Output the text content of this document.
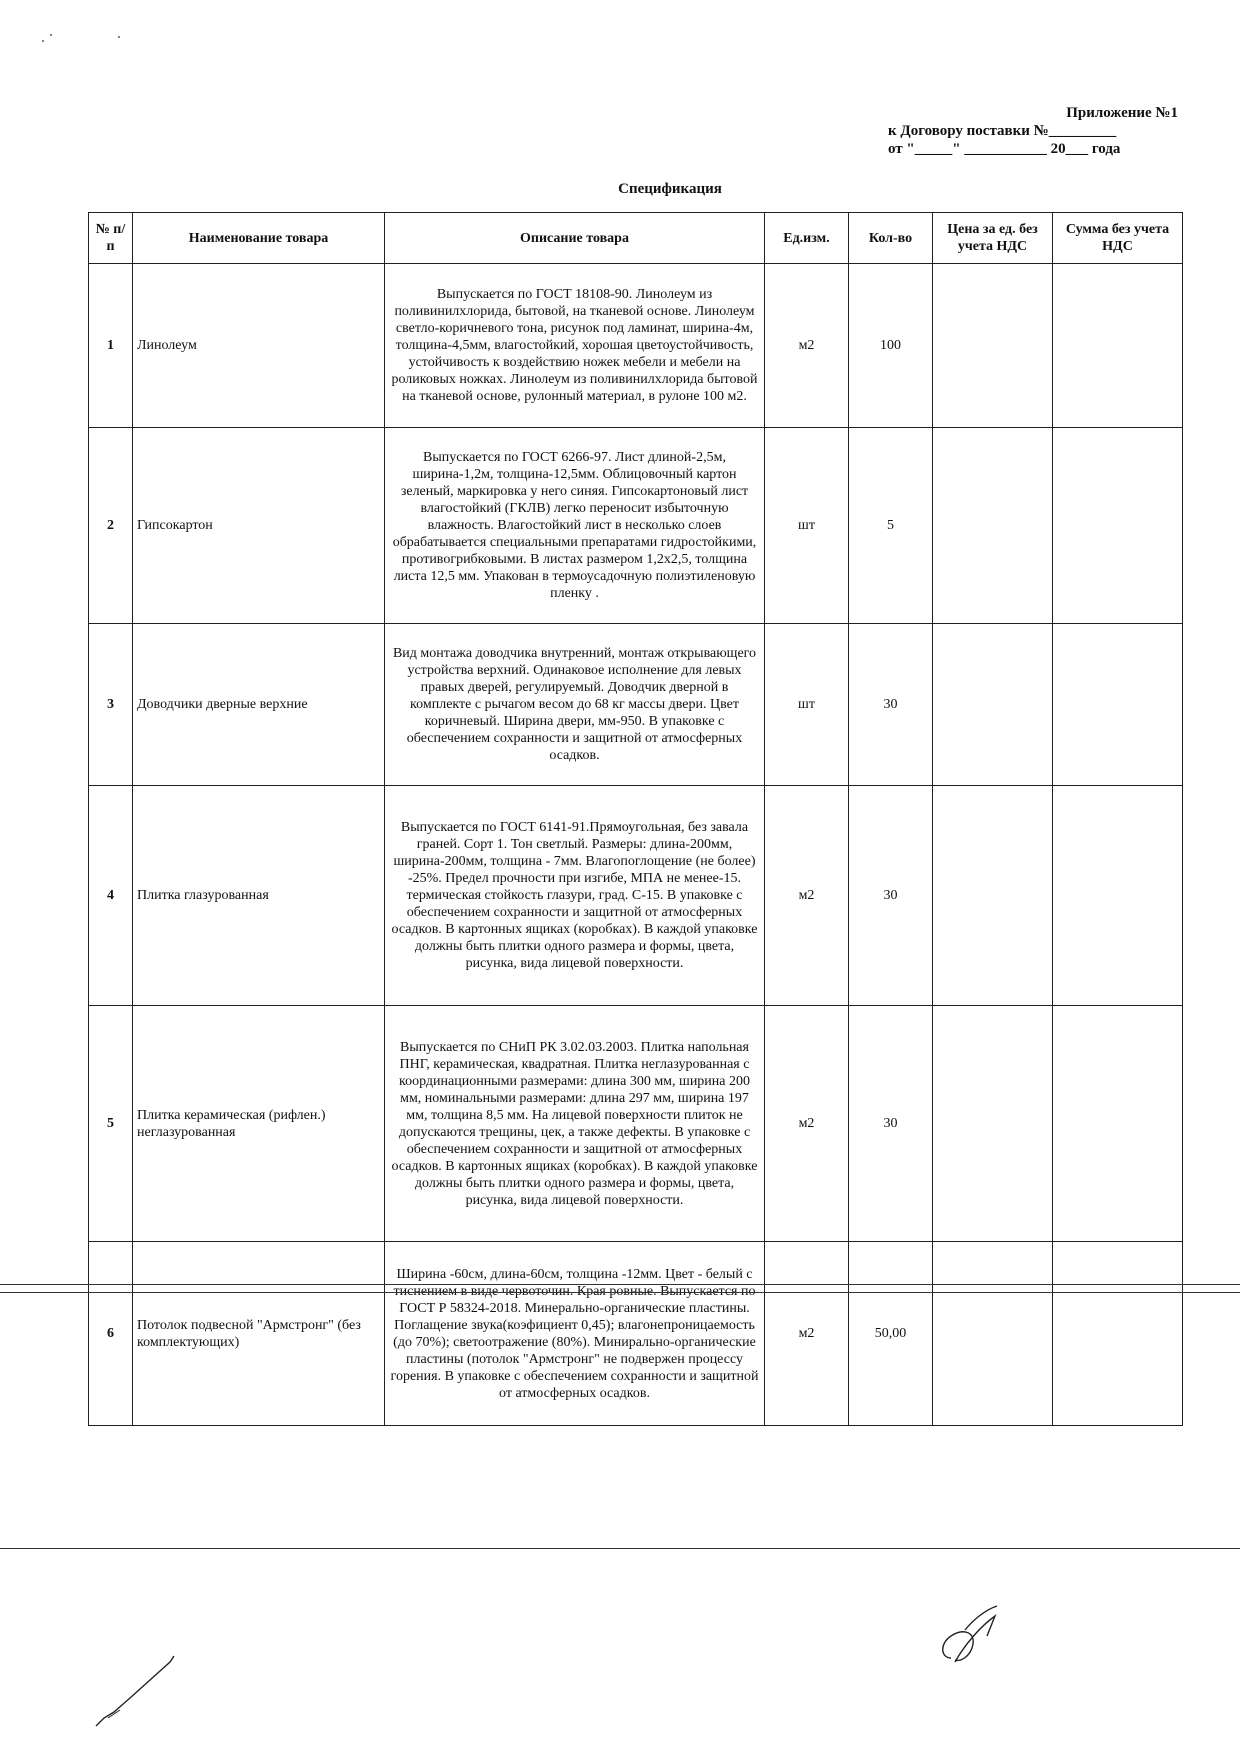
Приложение №1
к Договору поставки №_________
от "_____" ___________ 20___ года
Спецификация
№ п/п	Наименование товара	Описание товара	Ед.изм.	Кол-во	Цена за ед. без учета НДС	Сумма без учета НДС
1	Линолеум	Выпускается по ГОСТ 18108-90. Линолеум из поливинилхлорида, бытовой, на тканевой основе. Линолеум светло-коричневого тона, рисунок под ламинат, ширина-4м, толщина-4,5мм, влагостойкий, хорошая цветоустойчивость, устойчивость к воздействию ножек мебели и мебели на роликовых ножках. Линолеум из поливинилхлорида бытовой на тканевой основе, рулонный материал, в рулоне 100 м2.	м2	100		
2	Гипсокартон	Выпускается по ГОСТ 6266-97. Лист длиной-2,5м, ширина-1,2м, толщина-12,5мм. Облицовочный картон зеленый, маркировка у него синяя. Гипсокартоновый лист влагостойкий (ГКЛВ) легко переносит избыточную влажность. Влагостойкий лист в несколько слоев обрабатывается специальными препаратами гидростойкими, противогрибковыми. В листах размером 1,2х2,5, толщина листа 12,5 мм. Упакован в термоусадочную полиэтиленовую пленку .	шт	5		
3	Доводчики дверные верхние	Вид монтажа доводчика внутренний, монтаж открывающего устройства верхний. Одинаковое исполнение для левых правых дверей, регулируемый. Доводчик дверной в комплекте с рычагом весом до 68 кг массы двери. Цвет коричневый. Ширина двери, мм-950. В упаковке с обеспечением сохранности и защитной от атмосферных осадков.	шт	30		
4	Плитка глазурованная	Выпускается по ГОСТ 6141-91.Прямоугольная, без завала граней. Сорт 1. Тон светлый. Размеры: длина-200мм, ширина-200мм, толщина - 7мм. Влагопоглощение (не более) -25%. Предел прочности при изгибе, МПА не менее-15. термическая стойкость глазури, град. С-15. В упаковке с обеспечением сохранности и защитной от атмосферных осадков. В картонных ящиках (коробках). В каждой упаковке должны быть плитки одного размера и формы, цвета, рисунка, вида лицевой поверхности.	м2	30		
5	Плитка керамическая (рифлен.) неглазурованная	Выпускается по СНиП РК 3.02.03.2003. Плитка напольная ПНГ, керамическая, квадратная. Плитка неглазурованная с координационными размерами: длина 300 мм, ширина 200 мм, номинальными размерами: длина 297 мм, ширина 197 мм, толщина 8,5 мм. На лицевой поверхности плиток не допускаются трещины, цек, а также дефекты. В упаковке с обеспечением сохранности и защитной от атмосферных осадков. В картонных ящиках (коробках). В каждой упаковке должны быть плитки одного размера и формы, цвета, рисунка, вида лицевой поверхности.	м2	30		
6	Потолок подвесной "Армстронг" (без комплектующих)	Ширина -60см, длина-60см, толщина -12мм. Цвет - белый с тиснением в виде червоточин. Края ровные. Выпускается по ГОСТ Р 58324-2018. Минерально-органические пластины. Поглащение звука(коэфициент 0,45); влагонепроницаемость (до 70%); светоотражение (80%). Минирально-органические пластины (потолок "Армстронг" не подвержен процессу горения. В упаковке с обеспечением сохранности и защитной от атмосферных осадков.	м2	50,00		
